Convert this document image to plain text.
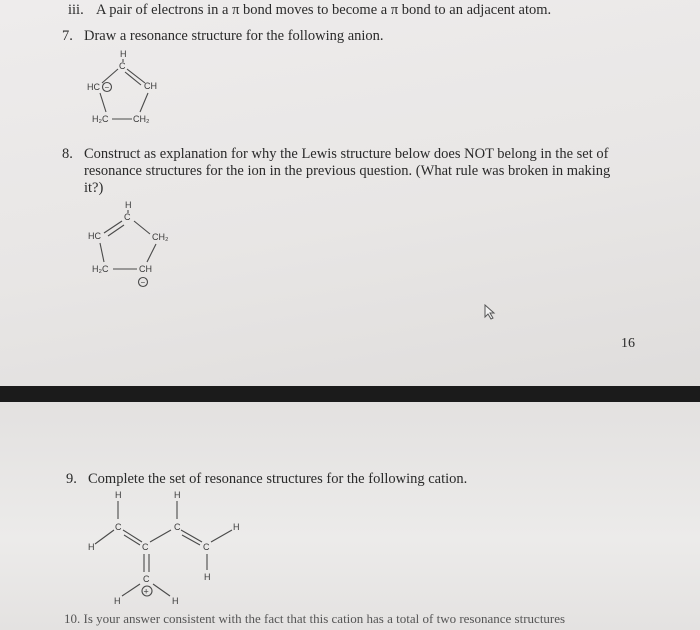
iii. A pair of electrons in a π bond moves to become a π bond to an adjacent atom.
7. Draw a resonance structure for the following anion.
H
C
HC −	CH
H₂C	CH₂
8. Construct as explanation for why the Lewis structure below does NOT belong in the set of resonance structures for the ion in the previous question. (What rule was broken in making it?)
H
C
HC	CH₂
H₂C	CH
−
16
9. Complete the set of resonance structures for the following cation.
H	H
C	C
H	C	C
H
H
C
H
+
H
10. Is your answer consistent with the fact that this cation has a total of two resonance structures
